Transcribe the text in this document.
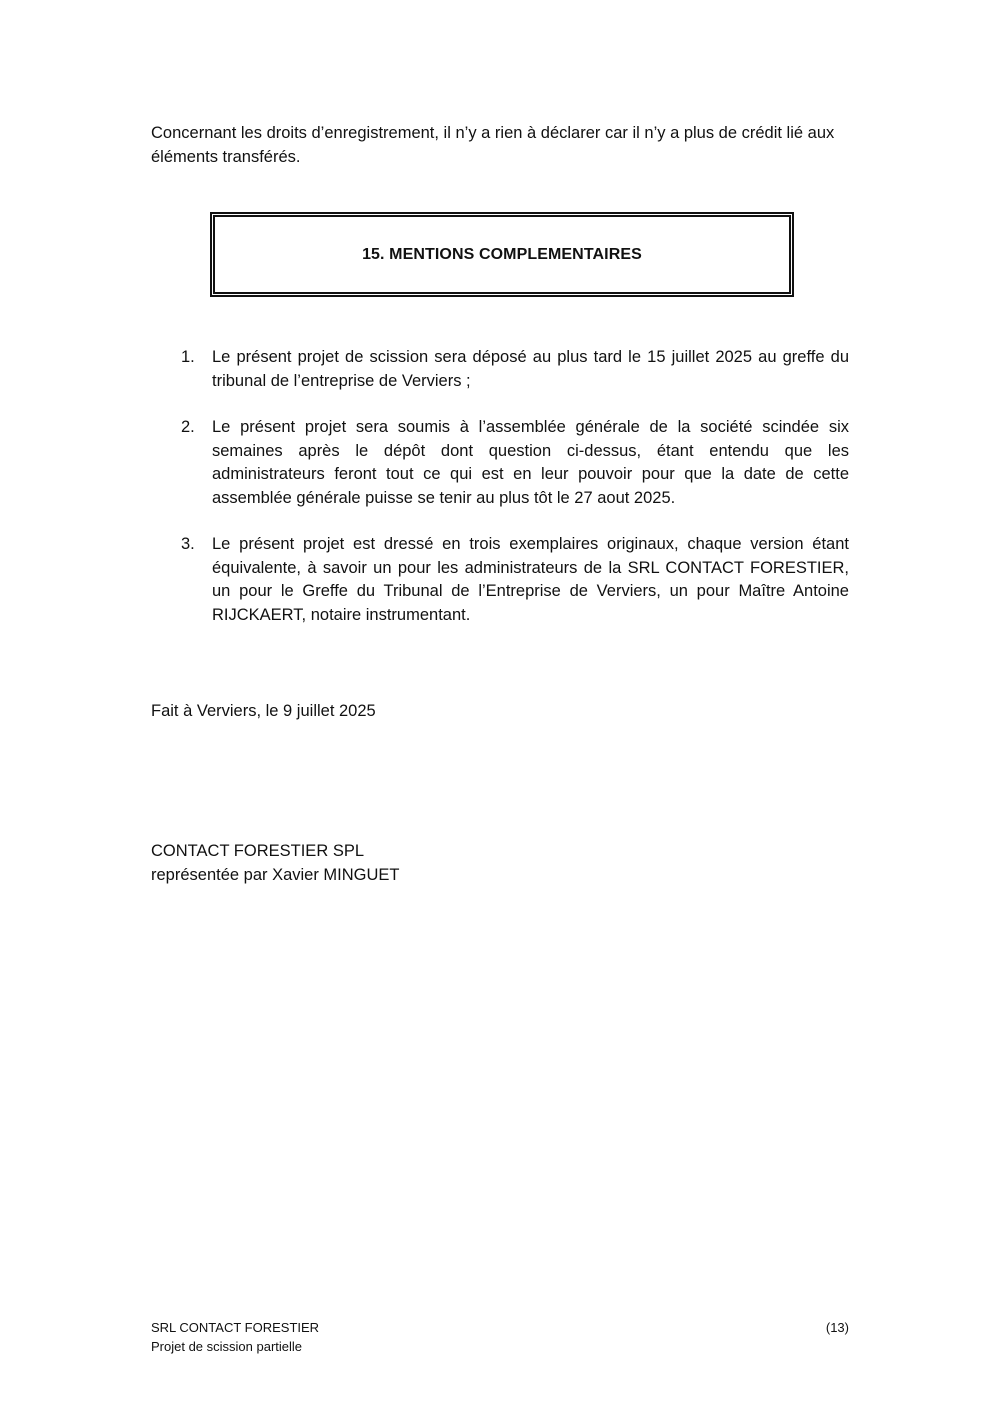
Concernant les droits d’enregistrement, il n’y a rien à déclarer car il n’y a plus de crédit lié aux éléments transférés.

15. MENTIONS COMPLEMENTAIRES
1. Le présent projet de scission sera déposé au plus tard le 15 juillet 2025 au greffe du tribunal de l’entreprise de Verviers ;
2. Le présent projet sera soumis à l’assemblée générale de la société scindée six semaines après le dépôt dont question ci-dessus, étant entendu que les administrateurs feront tout ce qui est en leur pouvoir pour que la date de cette assemblée générale puisse se tenir au plus tôt le 27 aout 2025.
3. Le présent projet est dressé en trois exemplaires originaux, chaque version étant équivalente, à savoir un pour les administrateurs de la SRL CONTACT FORESTIER, un pour le Greffe du Tribunal de l’Entreprise de Verviers, un pour Maître Antoine RIJCKAERT, notaire instrumentant.

Fait à Verviers, le 9 juillet 2025

CONTACT FORESTIER SPL
représentée par Xavier MINGUET
SRL CONTACT FORESTIER
Projet de scission partielle
(13)
